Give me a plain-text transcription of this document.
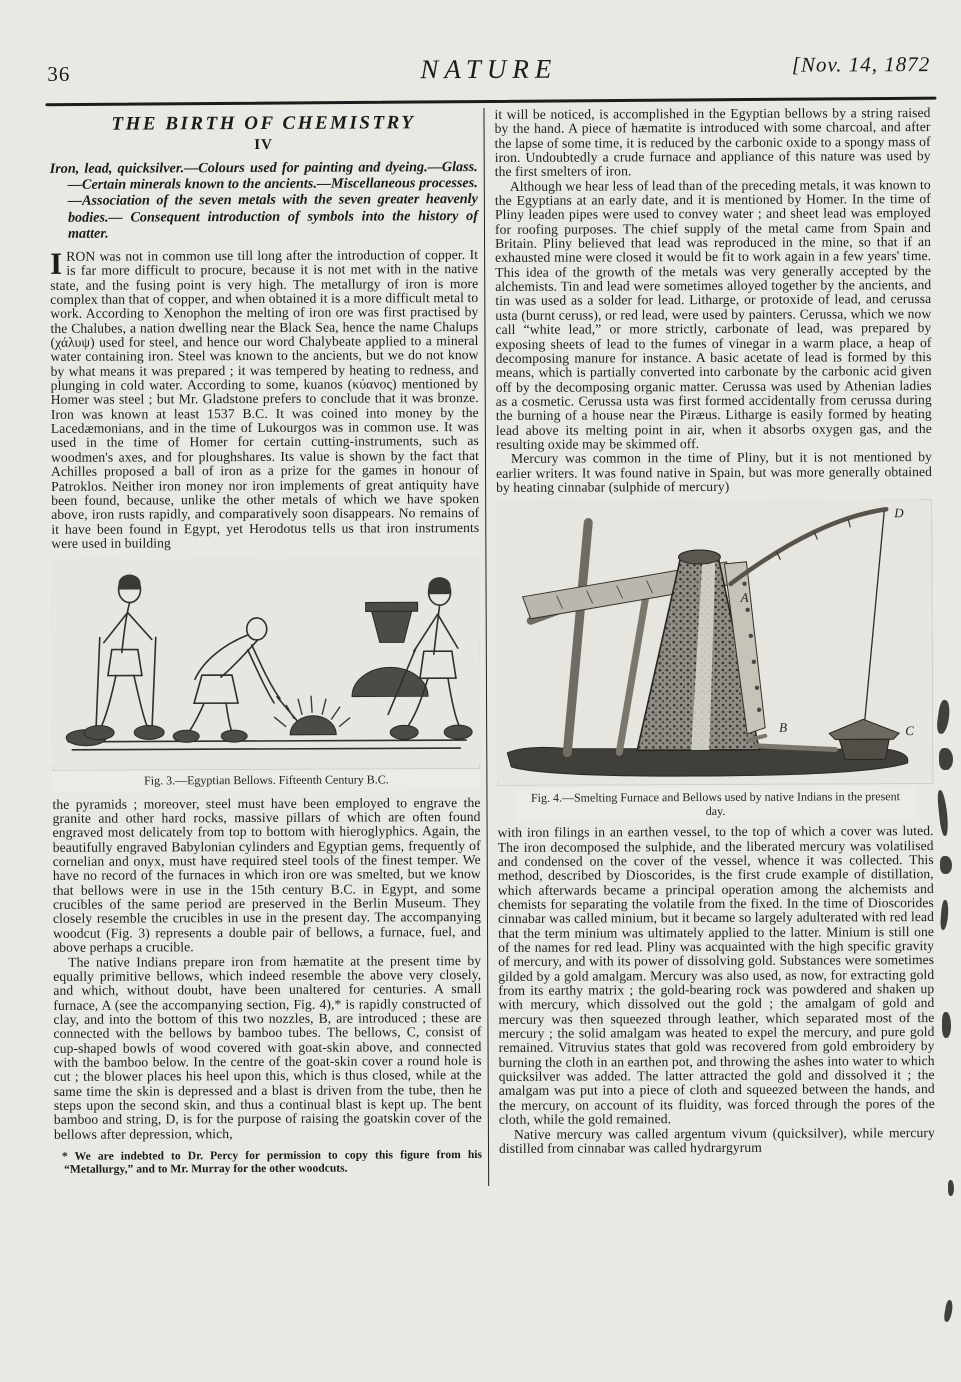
36	NATURE	[Nov. 14, 1872
THE BIRTH OF CHEMISTRY
IV

Iron, lead, quicksilver.—Colours used for painting and dyeing.—Glass.—Certain minerals known to the ancients.—Miscellaneous processes.—Association of the seven metals with the seven greater heavenly bodies.— Consequent introduction of symbols into the history of matter.

IRON was not in common use till long after the introduction of copper. It is far more difficult to procure, because it is not met with in the native state, and the fusing point is very high. The metallurgy of iron is more complex than that of copper, and when obtained it is a more difficult metal to work. According to Xenophon the melting of iron ore was first practised by the Chalubes, a nation dwelling near the Black Sea, hence the name Chalups (χάλυψ) used for steel, and hence our word Chalybeate applied to a mineral water containing iron. Steel was known to the ancients, but we do not know by what means it was prepared ; it was tempered by heating to redness, and plunging in cold water. According to some, kuanos (κύανος) mentioned by Homer was steel ; but Mr. Gladstone prefers to conclude that it was bronze. Iron was known at least 1537 B.C. It was coined into money by the Lacedæmonians, and in the time of Lukourgos was in common use. It was used in the time of Homer for certain cutting-instruments, such as woodmen's axes, and for ploughshares. Its value is shown by the fact that Achilles proposed a ball of iron as a prize for the games in honour of Patroklos. Neither iron money nor iron implements of great antiquity have been found, because, unlike the other metals of which we have spoken above, iron rusts rapidly, and comparatively soon disappears. No remains of it have been found in Egypt, yet Herodotus tells us that iron instruments were used in building

Fig. 3.—Egyptian Bellows. Fifteenth Century B.C.

the pyramids ; moreover, steel must have been employed to engrave the granite and other hard rocks, massive pillars of which are often found engraved most delicately from top to bottom with hieroglyphics. Again, the beautifully engraved Babylonian cylinders and Egyptian gems, frequently of cornelian and onyx, must have required steel tools of the finest temper. We have no record of the furnaces in which iron ore was smelted, but we know that bellows were in use in the 15th century B.C. in Egypt, and some crucibles of the same period are preserved in the Berlin Museum. They closely resemble the crucibles in use in the present day. The accompanying woodcut (Fig. 3) represents a double pair of bellows, a furnace, fuel, and above perhaps a crucible.

The native Indians prepare iron from hæmatite at the present time by equally primitive bellows, which indeed resemble the above very closely, and which, without doubt, have been unaltered for centuries. A small furnace, A (see the accompanying section, Fig. 4),* is rapidly constructed of clay, and into the bottom of this two nozzles, B, are introduced ; these are connected with the bellows by bamboo tubes. The bellows, C, consist of cup-shaped bowls of wood covered with goat-skin above, and connected with the bamboo below. In the centre of the goat-skin cover a round hole is cut ; the blower places his heel upon this, which is thus closed, while at the same time the skin is depressed and a blast is driven from the tube, then he steps upon the second skin, and thus a continual blast is kept up. The bent bamboo and string, D, is for the purpose of raising the goatskin cover of the bellows after depression, which,

* We are indebted to Dr. Percy for permission to copy this figure from his “Metallurgy,” and to Mr. Murray for the other woodcuts.

it will be noticed, is accomplished in the Egyptian bellows by a string raised by the hand. A piece of hæmatite is introduced with some charcoal, and after the lapse of some time, it is reduced by the carbonic oxide to a spongy mass of iron. Undoubtedly a crude furnace and appliance of this nature was used by the first smelters of iron.

Although we hear less of lead than of the preceding metals, it was known to the Egyptians at an early date, and it is mentioned by Homer. In the time of Pliny leaden pipes were used to convey water ; and sheet lead was employed for roofing purposes. The chief supply of the metal came from Spain and Britain. Pliny believed that lead was reproduced in the mine, so that if an exhausted mine were closed it would be fit to work again in a few years' time. This idea of the growth of the metals was very generally accepted by the alchemists. Tin and lead were sometimes alloyed together by the ancients, and tin was used as a solder for lead. Litharge, or protoxide of lead, and cerussa usta (burnt ceruss), or red lead, were used by painters. Cerussa, which we now call “white lead,” or more strictly, carbonate of lead, was prepared by exposing sheets of lead to the fumes of vinegar in a warm place, a heap of decomposing manure for instance. A basic acetate of lead is formed by this means, which is partially converted into carbonate by the carbonic acid given off by the decomposing organic matter. Cerussa was used by Athenian ladies as a cosmetic. Cerussa usta was first formed accidentally from cerussa during the burning of a house near the Piræus. Litharge is easily formed by heating lead above its melting point in air, when it absorbs oxygen gas, and the resulting oxide may be skimmed off.

Mercury was common in the time of Pliny, but it is not mentioned by earlier writers. It was found native in Spain, but was more generally obtained by heating cinnabar (sulphide of mercury)

A
B	C
D
Fig. 4.—Smelting Furnace and Bellows used by native Indians in the present day.

with iron filings in an earthen vessel, to the top of which a cover was luted. The iron decomposed the sulphide, and the liberated mercury was volatilised and condensed on the cover of the vessel, whence it was collected. This method, described by Dioscorides, is the first crude example of distillation, which afterwards became a principal operation among the alchemists and chemists for separating the volatile from the fixed. In the time of Dioscorides cinnabar was called minium, but it became so largely adulterated with red lead that the term minium was ultimately applied to the latter. Minium is still one of the names for red lead. Pliny was acquainted with the high specific gravity of mercury, and with its power of dissolving gold. Substances were sometimes gilded by a gold amalgam. Mercury was also used, as now, for extracting gold from its earthy matrix ; the gold-bearing rock was powdered and shaken up with mercury, which dissolved out the gold ; the amalgam of gold and mercury was then squeezed through leather, which separated most of the mercury ; the solid amalgam was heated to expel the mercury, and pure gold remained. Vitruvius states that gold was recovered from gold embroidery by burning the cloth in an earthen pot, and throwing the ashes into water to which quicksilver was added. The latter attracted the gold and dissolved it ; the amalgam was put into a piece of cloth and squeezed between the hands, and the mercury, on account of its fluidity, was forced through the pores of the cloth, while the gold remained.

Native mercury was called argentum vivum (quicksilver), while mercury distilled from cinnabar was called hydrargyrum
